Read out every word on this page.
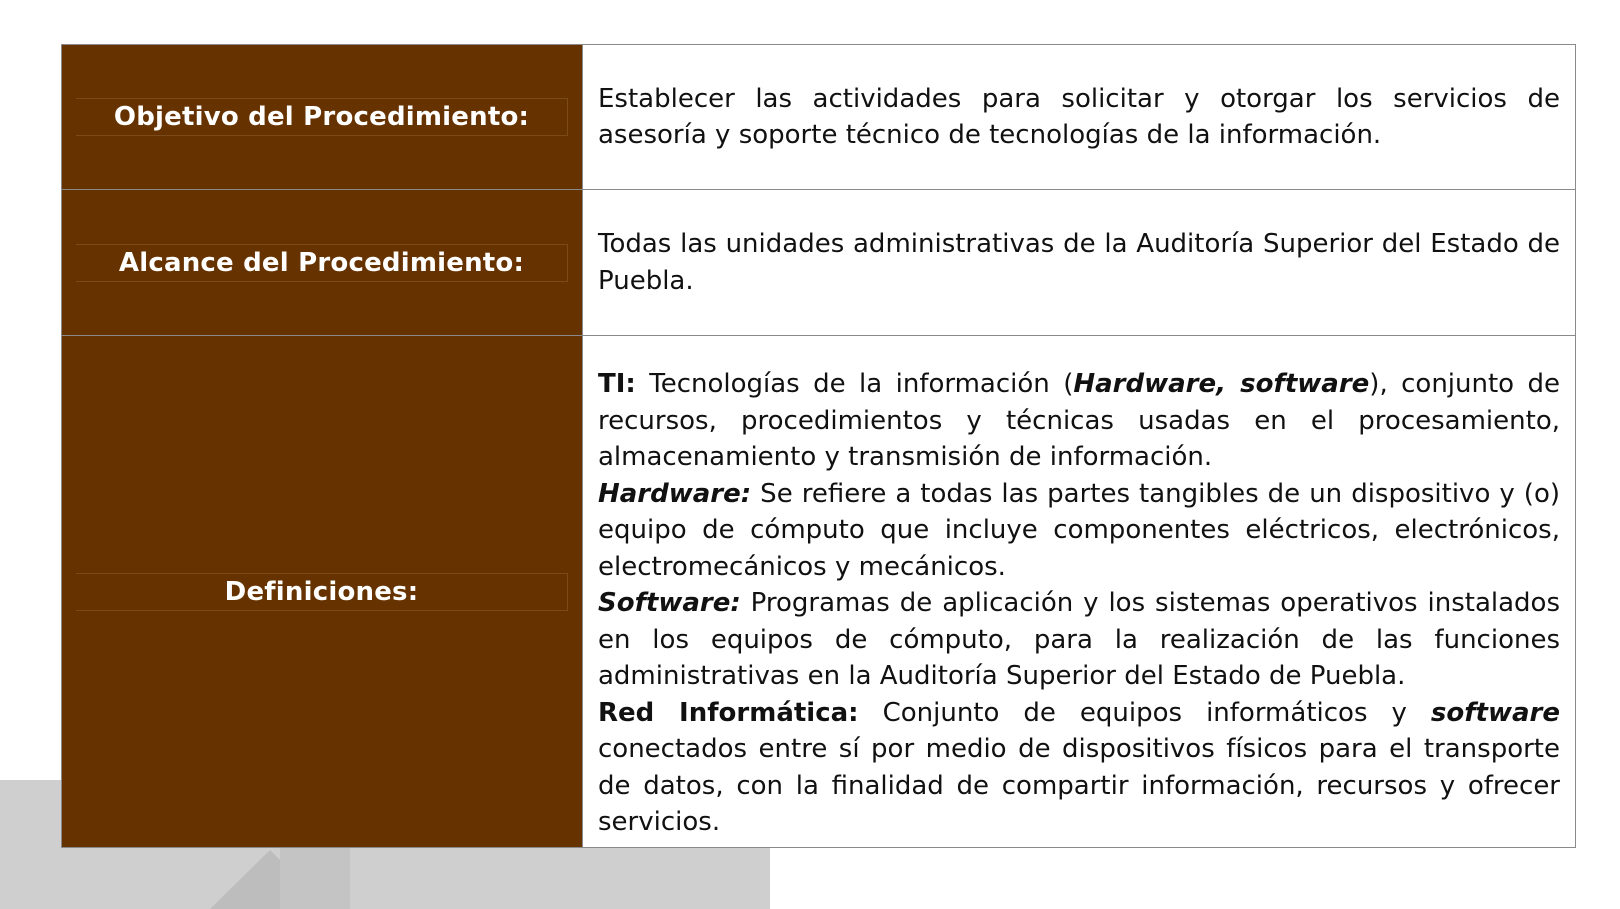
Objetivo del Procedimiento:	Establecer las actividades para solicitar y otorgar los servicios de asesoría y soporte técnico de tecnologías de la información.

Alcance del Procedimiento:	Todas las unidades administrativas de la Auditoría Superior del Estado de Puebla.

Definiciones:	TI: Tecnologías de la información (Hardware, software), conjunto de recursos, procedimientos y técnicas usadas en el procesamiento, almacenamiento y transmisión de información.

Hardware: Se refiere a todas las partes tangibles de un dispositivo y (o) equipo de cómputo que incluye componentes eléctricos, electrónicos, electromecánicos y mecánicos.

Software: Programas de aplicación y los sistemas operativos instalados en los equipos de cómputo, para la realización de las funciones administrativas en la Auditoría Superior del Estado de Puebla.

Red Informática: Conjunto de equipos informáticos y software conectados entre sí por medio de dispositivos físicos para el transporte de datos, con la finalidad de compartir información, recursos y ofrecer servicios.
